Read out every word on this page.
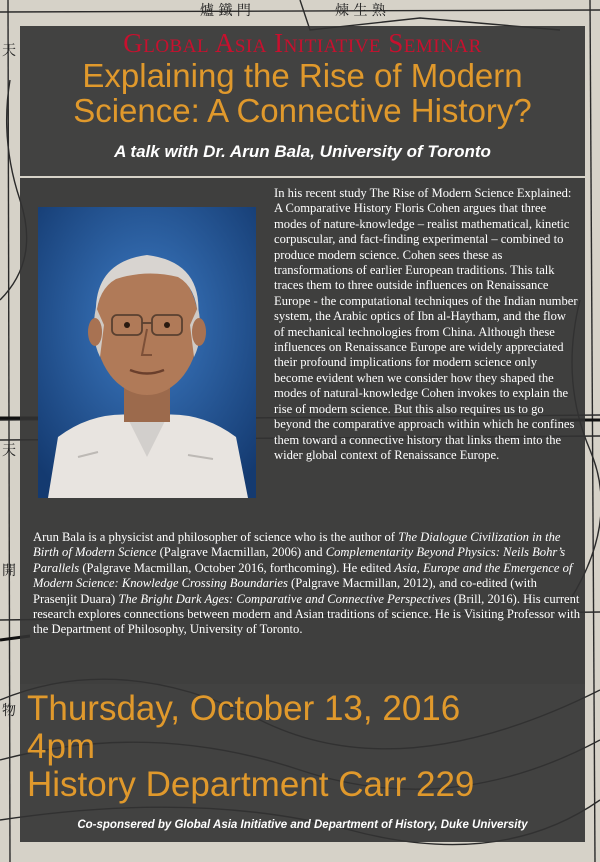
爐 鐵 門	煉 生 熟
天
天
開
物
Global Asia Initiative Seminar
Explaining the Rise of Modern
Science: A Connective History?
A talk with Dr. Arun Bala, University of Toronto
In his recent study The Rise of Modern Science Explained: A Comparative History Floris Cohen argues that three modes of nature-knowledge – realist mathematical, kinetic corpuscular, and fact-finding experimental – combined to produce modern science. Cohen sees these as transformations of earlier European traditions. This talk traces them to three outside influences on Renaissance Europe - the computational techniques of the Indian number system, the Arabic optics of Ibn al-Haytham, and the flow of mechanical technologies from China. Although these influences on Renaissance Europe are widely appreciated their profound implications for modern science only become evident when we consider how they shaped the modes of natural-knowledge Cohen invokes to explain the rise of modern science. But this also requires us to go beyond the comparative approach within which he confines them toward a connective history that links them into the wider global context of Renaissance Europe.
Arun Bala is a physicist and philosopher of science who is the author of The Dialogue Civilization in the Birth of Modern Science (Palgrave Macmillan, 2006) and Complementarity Beyond Physics: Neils Bohr’s Parallels (Palgrave Macmillan, October 2016, forthcoming). He edited Asia, Europe and the Emergence of Modern Science: Knowledge Crossing Boundaries (Palgrave Macmillan, 2012), and co-edited (with Prasenjit Duara) The Bright Dark Ages: Comparative and Connective Perspectives (Brill, 2016). His current research explores connections between modern and Asian traditions of science. He is Visiting Professor with the Department of Philosophy, University of Toronto.
Thursday, October 13, 2016
4pm
History Department Carr 229
Co-sponsered by Global Asia Initiative and Department of History, Duke University
